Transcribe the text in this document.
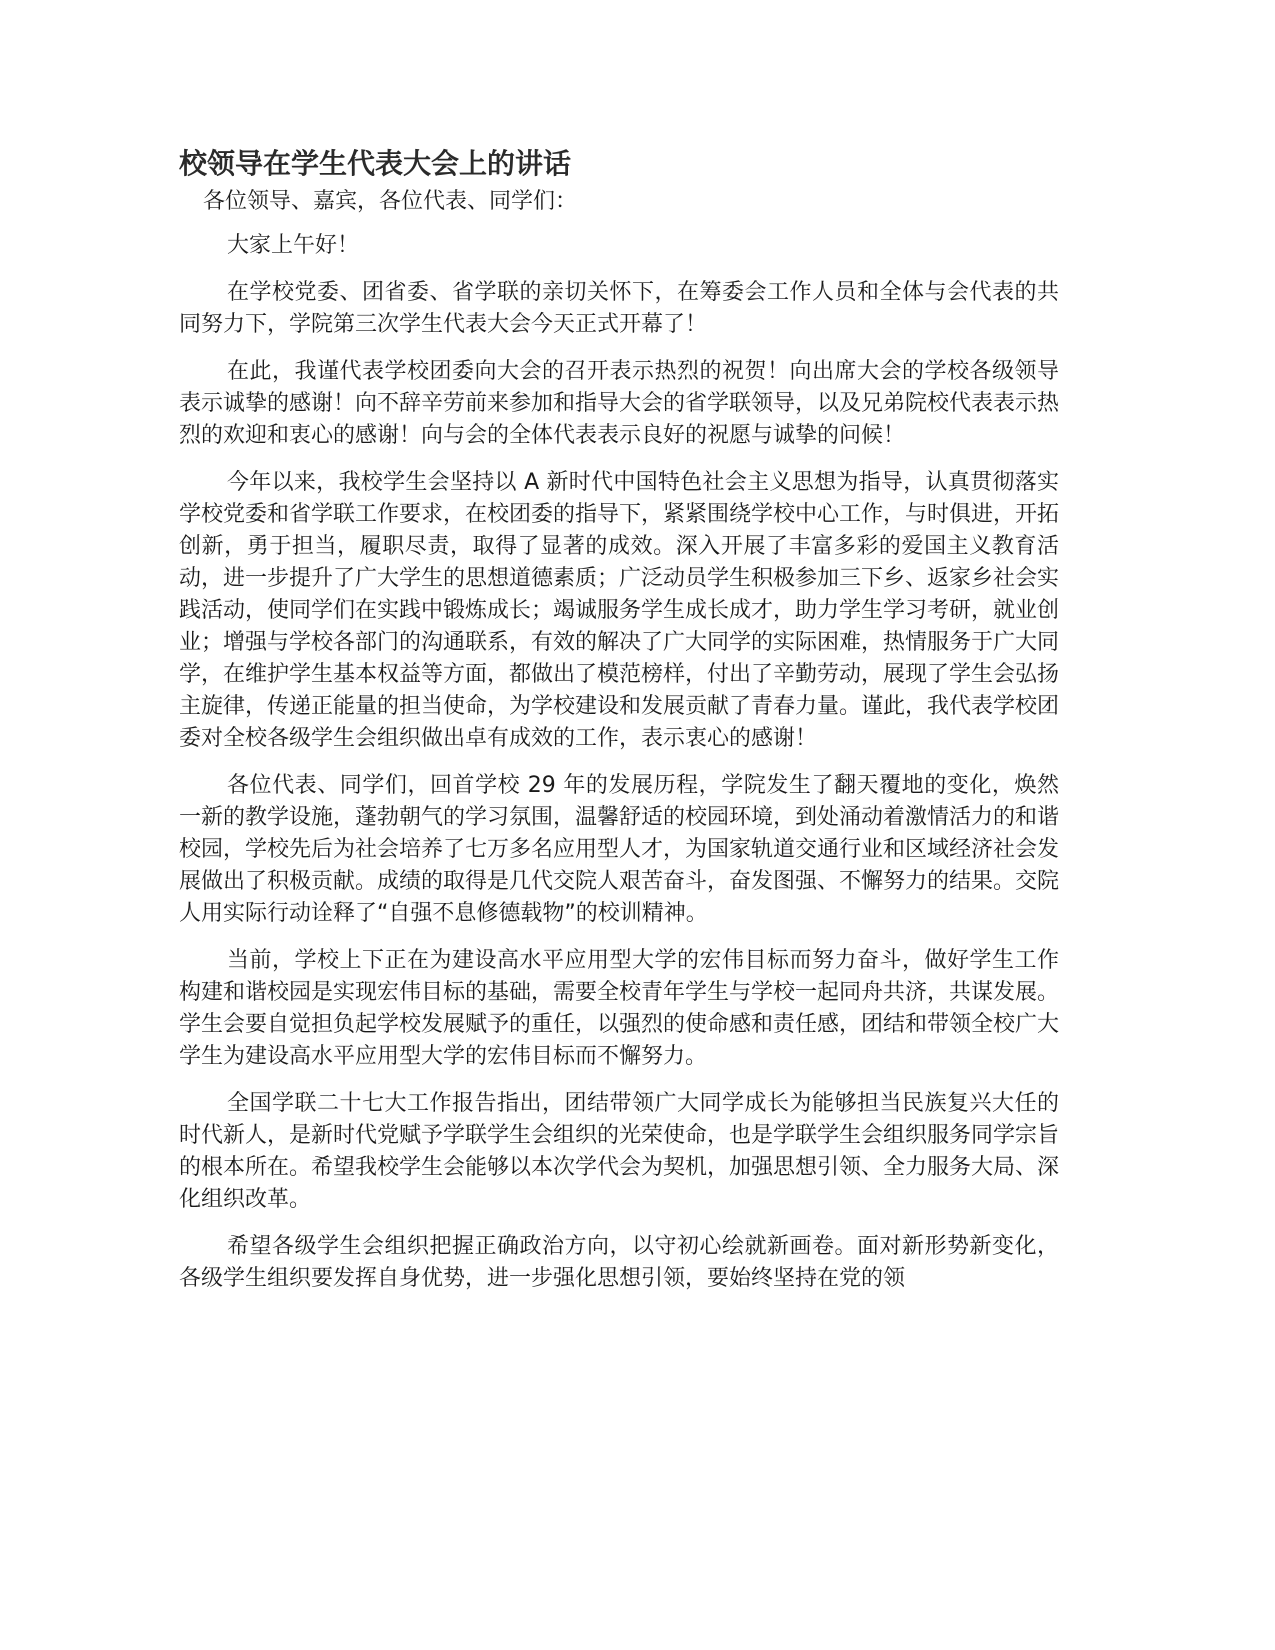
校领导在学生代表大会上的讲话

各位领导、嘉宾，各位代表、同学们：

大家上午好！

在学校党委、团省委、省学联的亲切关怀下，在筹委会工作人员和全体与会代表的共同努力下，学院第三次学生代表大会今天正式开幕了！

在此，我谨代表学校团委向大会的召开表示热烈的祝贺！向出席大会的学校各级领导表示诚挚的感谢！向不辞辛劳前来参加和指导大会的省学联领导，以及兄弟院校代表表示热烈的欢迎和衷心的感谢！向与会的全体代表表示良好的祝愿与诚挚的问候！

今年以来，我校学生会坚持以 A 新时代中国特色社会主义思想为指导，认真贯彻落实学校党委和省学联工作要求，在校团委的指导下，紧紧围绕学校中心工作，与时俱进，开拓创新，勇于担当，履职尽责，取得了显著的成效。深入开展了丰富多彩的爱国主义教育活动，进一步提升了广大学生的思想道德素质；广泛动员学生积极参加三下乡、返家乡社会实践活动，使同学们在实践中锻炼成长；竭诚服务学生成长成才，助力学生学习考研，就业创业；增强与学校各部门的沟通联系，有效的解决了广大同学的实际困难，热情服务于广大同学，在维护学生基本权益等方面，都做出了模范榜样，付出了辛勤劳动，展现了学生会弘扬主旋律，传递正能量的担当使命，为学校建设和发展贡献了青春力量。谨此，我代表学校团委对全校各级学生会组织做出卓有成效的工作，表示衷心的感谢！

各位代表、同学们，回首学校 29 年的发展历程，学院发生了翻天覆地的变化，焕然一新的教学设施，蓬勃朝气的学习氛围，温馨舒适的校园环境，到处涌动着激情活力的和谐校园，学校先后为社会培养了七万多名应用型人才，为国家轨道交通行业和区域经济社会发展做出了积极贡献。成绩的取得是几代交院人艰苦奋斗，奋发图强、不懈努力的结果。交院人用实际行动诠释了“自强不息修德载物”的校训精神。

当前，学校上下正在为建设高水平应用型大学的宏伟目标而努力奋斗，做好学生工作构建和谐校园是实现宏伟目标的基础，需要全校青年学生与学校一起同舟共济，共谋发展。学生会要自觉担负起学校发展赋予的重任，以强烈的使命感和责任感，团结和带领全校广大学生为建设高水平应用型大学的宏伟目标而不懈努力。

全国学联二十七大工作报告指出，团结带领广大同学成长为能够担当民族复兴大任的时代新人，是新时代党赋予学联学生会组织的光荣使命，也是学联学生会组织服务同学宗旨的根本所在。希望我校学生会能够以本次学代会为契机，加强思想引领、全力服务大局、深化组织改革。

希望各级学生会组织把握正确政治方向，以守初心绘就新画卷。面对新形势新变化，各级学生组织要发挥自身优势，进一步强化思想引领，要始终坚持在党的领
